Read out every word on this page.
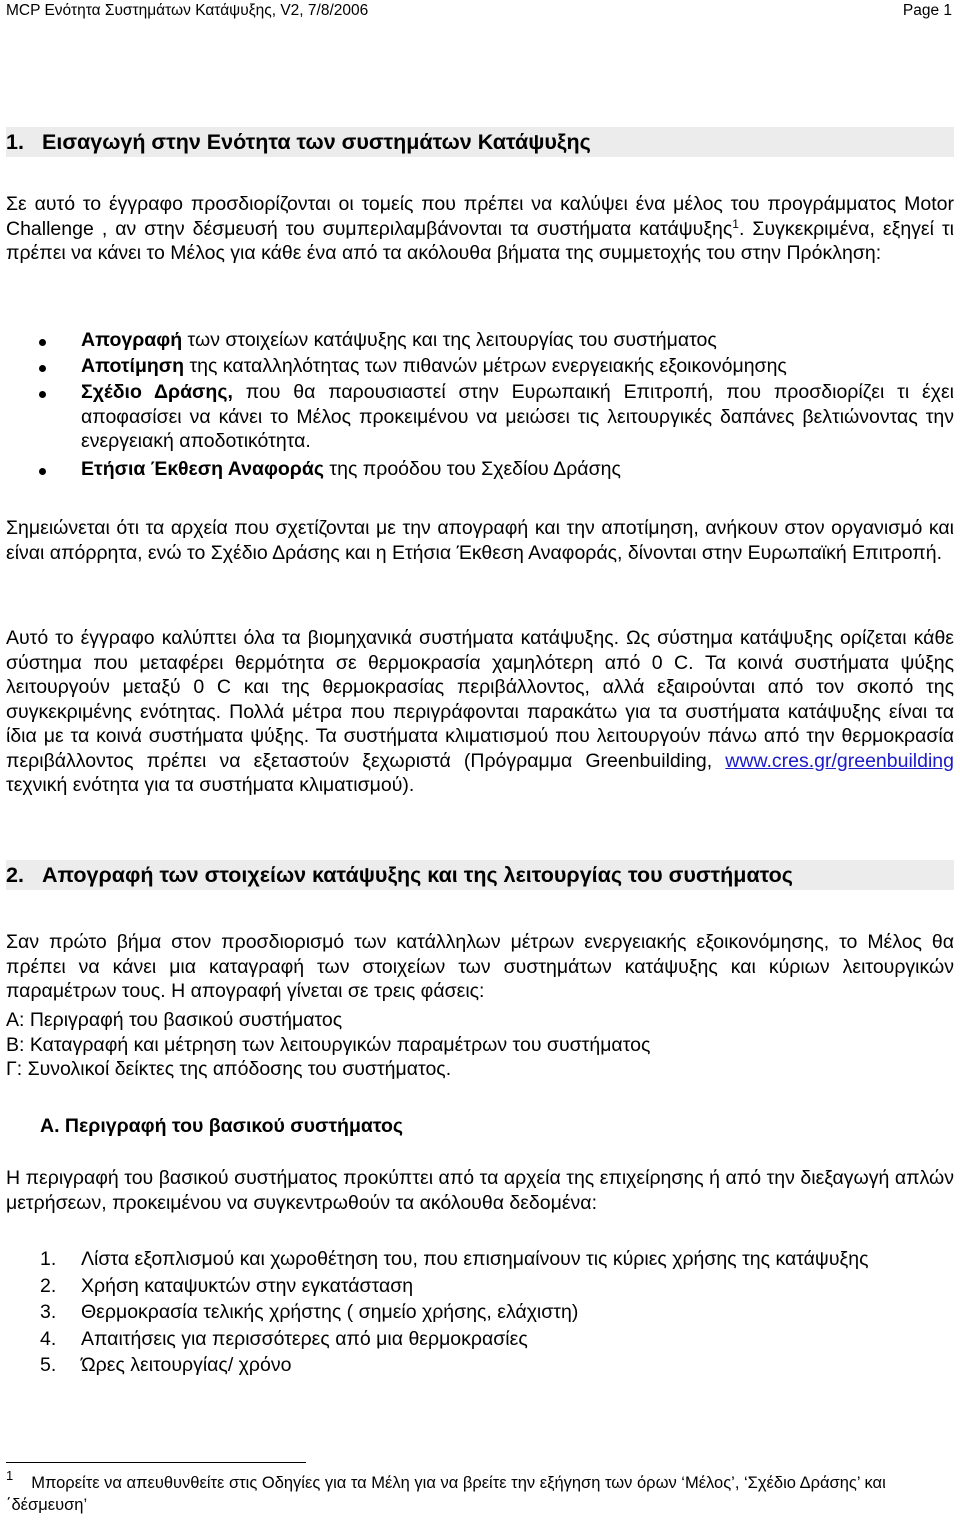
MCP Ενότητα Συστημάτων Κατάψυξης, V2, 7/8/2006	Page 1
1. Εισαγωγή στην Ενότητα των συστημάτων Κατάψυξης
Σε αυτό το έγγραφο προσδιορίζονται οι τομείς που πρέπει να καλύψει ένα μέλος του προγράμματος Motor Challenge , αν στην δέσμευσή του συμπεριλαμβάνονται τα συστήματα κατάψυξης$^1$. Συγκεκριμένα, εξηγεί τι πρέπει να κάνει το Μέλος για κάθε ένα από τα ακόλουθα βήματα της συμμετοχής του στην Πρόκληση:
Απογραφή των στοιχείων κατάψυξης και της λειτουργίας του συστήματος
Αποτίμηση της καταλληλότητας των πιθανών μέτρων ενεργειακής εξοικονόμησης
Σχέδιο Δράσης, που θα παρουσιαστεί στην Ευρωπαική Επιτροπή, που προσδιορίζει τι έχει αποφασίσει να κάνει το Μέλος προκειμένου να μειώσει τις λειτουργικές δαπάνες βελτιώνοντας την ενεργειακή αποδοτικότητα.
Ετήσια Έκθεση Αναφοράς της προόδου του Σχεδίου Δράσης
Σημειώνεται ότι τα αρχεία που σχετίζονται με την απογραφή και την αποτίμηση, ανήκουν στον οργανισμό και είναι απόρρητα, ενώ το Σχέδιο Δράσης και η Ετήσια Έκθεση Αναφοράς, δίνονται στην Ευρωπαϊκή Επιτροπή.
Αυτό το έγγραφο καλύπτει όλα τα βιομηχανικά συστήματα κατάψυξης. Ως σύστημα κατάψυξης ορίζεται κάθε σύστημα που μεταφέρει θερμότητα σε θερμοκρασία χαμηλότερη από 0 C. Τα κοινά συστήματα ψύξης λειτουργούν μεταξύ 0 C και της θερμοκρασίας περιβάλλοντος, αλλά εξαιρούνται από τον σκοπό της συγκεκριμένης ενότητας. Πολλά μέτρα που περιγράφονται παρακάτω για τα συστήματα κατάψυξης είναι τα ίδια με τα κοινά συστήματα ψύξης. Τα συστήματα κλιματισμού που λειτουργούν πάνω από την θερμοκρασία περιβάλλοντος πρέπει να εξεταστούν ξεχωριστά (Πρόγραμμα Greenbuilding, www.cres.gr/greenbuilding τεχνική ενότητα για τα συστήματα κλιματισμού).
2. Απογραφή των στοιχείων κατάψυξης και της λειτουργίας του συστήματος
Σαν πρώτο βήμα στον προσδιορισμό των κατάλληλων μέτρων ενεργειακής εξοικονόμησης, το Μέλος θα πρέπει να κάνει μια καταγραφή των στοιχείων των συστημάτων κατάψυξης και κύριων λειτουργικών παραμέτρων τους. Η απογραφή γίνεται σε τρεις φάσεις:
Α: Περιγραφή του βασικού συστήματος
Β: Καταγραφή και μέτρηση των λειτουργικών παραμέτρων του συστήματος
Γ: Συνολικοί δείκτες της απόδοσης του συστήματος.
Α. Περιγραφή του βασικού συστήματος
Η περιγραφή του βασικού συστήματος προκύπτει από τα αρχεία της επιχείρησης ή από την διεξαγωγή απλών μετρήσεων, προκειμένου να συγκεντρωθούν τα ακόλουθα δεδομένα:
1. Λίστα εξοπλισμού και χωροθέτηση του, που επισημαίνουν τις κύριες χρήσης της κατάψυξης
2. Χρήση καταψυκτών στην εγκατάσταση
3. Θερμοκρασία τελικής χρήστης ( σημείο χρήσης, ελάχιστη)
4. Απαιτήσεις για περισσότερες από μια θερμοκρασίες
5. Ώρες λειτουργίας/ χρόνο
$^1$ Μπορείτε να απευθυνθείτε στις Οδηγίες για τα Μέλη για να βρείτε την εξήγηση των όρων ‘Μέλος’, ‘Σχέδιο Δράσης’ και ΄δέσμευση’
